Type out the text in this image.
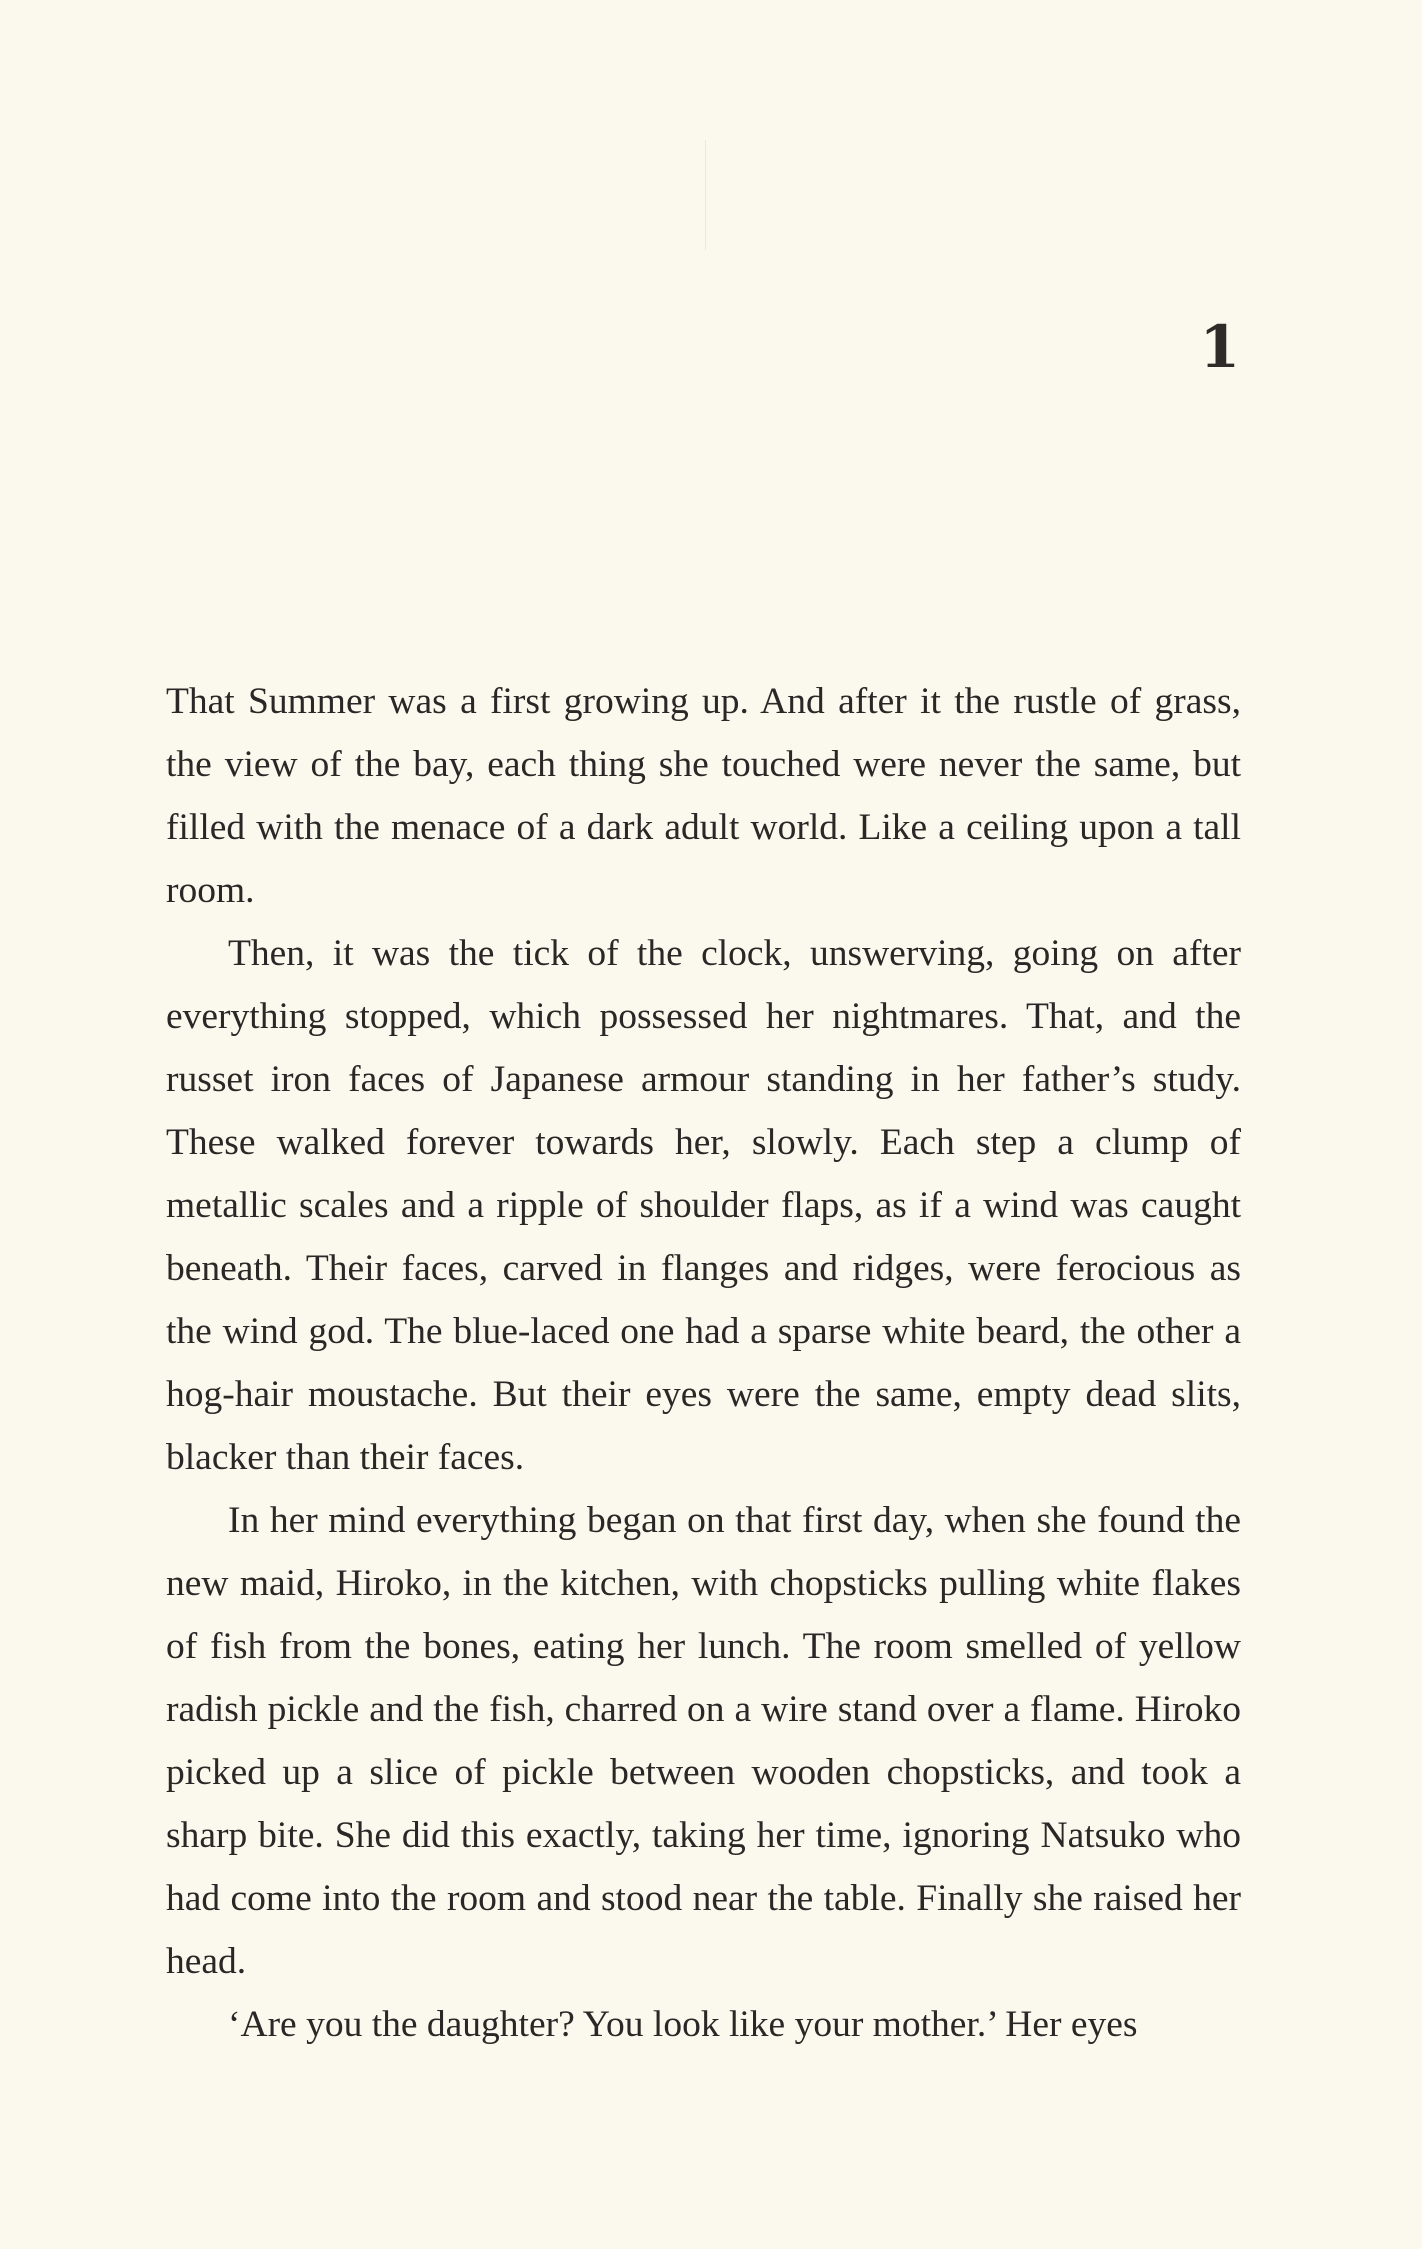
1

That Summer was a first growing up. And after it the rustle of grass, the view of the bay, each thing she touched were never the same, but filled with the menace of a dark adult world. Like a ceiling upon a tall room.

Then, it was the tick of the clock, unswerving, going on after everything stopped, which possessed her nightmares. That, and the russet iron faces of Japanese armour standing in her father’s study. These walked forever towards her, slowly. Each step a clump of metallic scales and a ripple of shoulder flaps, as if a wind was caught beneath. Their faces, carved in flanges and ridges, were ferocious as the wind god. The blue-laced one had a sparse white beard, the other a hog-hair moustache. But their eyes were the same, empty dead slits, blacker than their faces.

In her mind everything began on that first day, when she found the new maid, Hiroko, in the kitchen, with chopsticks pulling white flakes of fish from the bones, eating her lunch. The room smelled of yellow radish pickle and the fish, charred on a wire stand over a flame. Hiroko picked up a slice of pickle between wooden chopsticks, and took a sharp bite. She did this exactly, taking her time, ignoring Natsuko who had come into the room and stood near the table. Finally she raised her head.

‘Are you the daughter? You look like your mother.’ Her eyes
